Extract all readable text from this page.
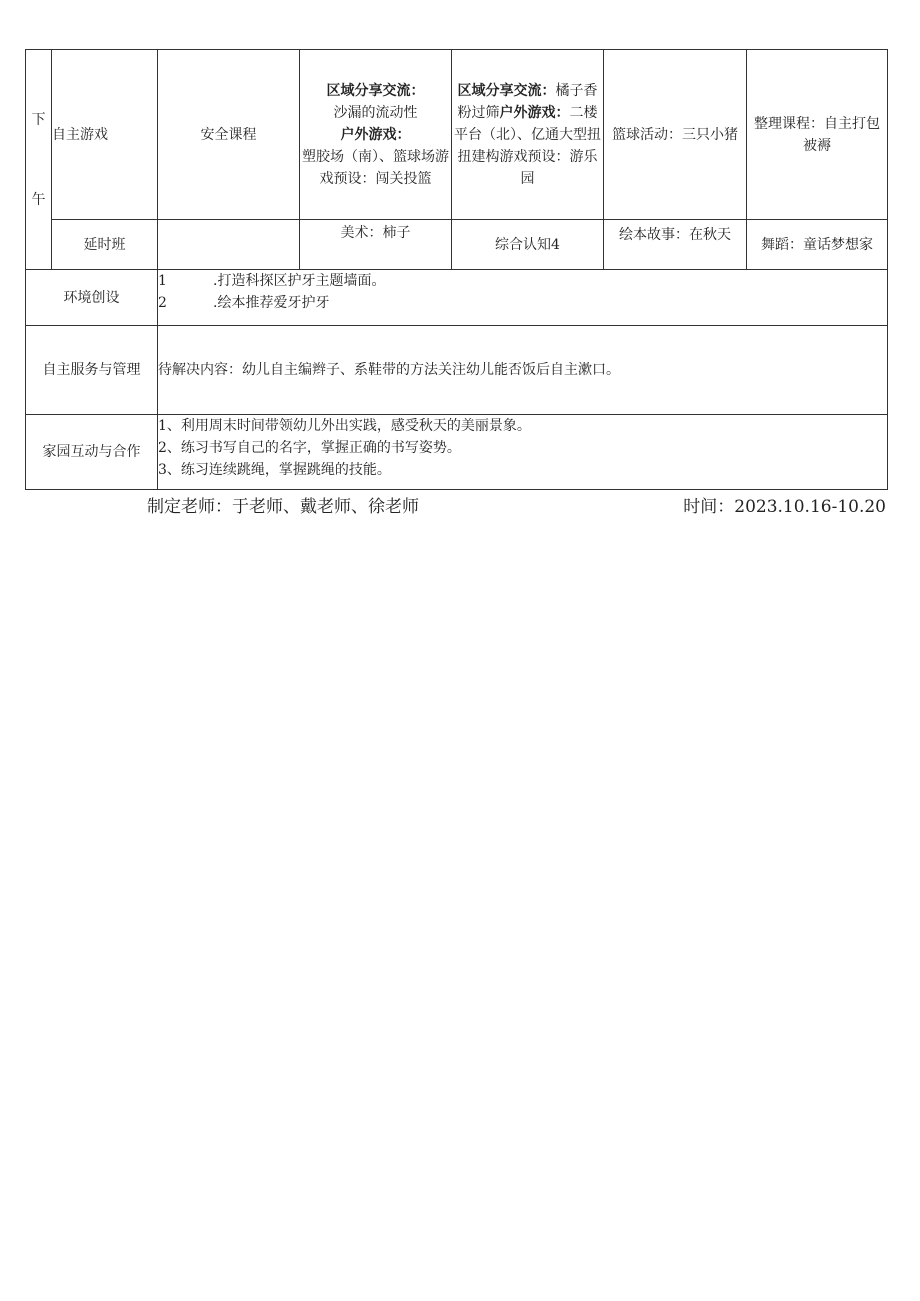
下
午	自主游戏	安全课程	区域分享交流：
沙漏的流动性
户外游戏：
塑胶场（南）、篮球场游戏预设：闯关投篮	区域分享交流：橘子香粉过筛户外游戏：二楼平台（北）、亿通大型扭扭建构游戏预设：游乐园	篮球活动：三只小猪	整理课程：自主打包被褥

	延时班		美术：柿子	综合认知4	绘本故事：在秋天	舞蹈：童话梦想家
环境创设		1 .打造科探区护牙主题墙面。
2 .绘本推荐爱牙护牙				

自主服务与管理		待解决内容：幼儿自主编辫子、系鞋带的方法关注幼儿能否饭后自主漱口。				
家园互动与合作		1、利用周末时间带领幼儿外出实践，感受秋天的美丽景象。
2、练习书写自己的名字，掌握正确的书写姿势。
3、练习连续跳绳，掌握跳绳的技能。				
制定老师：于老师、戴老师、徐老师	时间：2023.10.16-10.20
